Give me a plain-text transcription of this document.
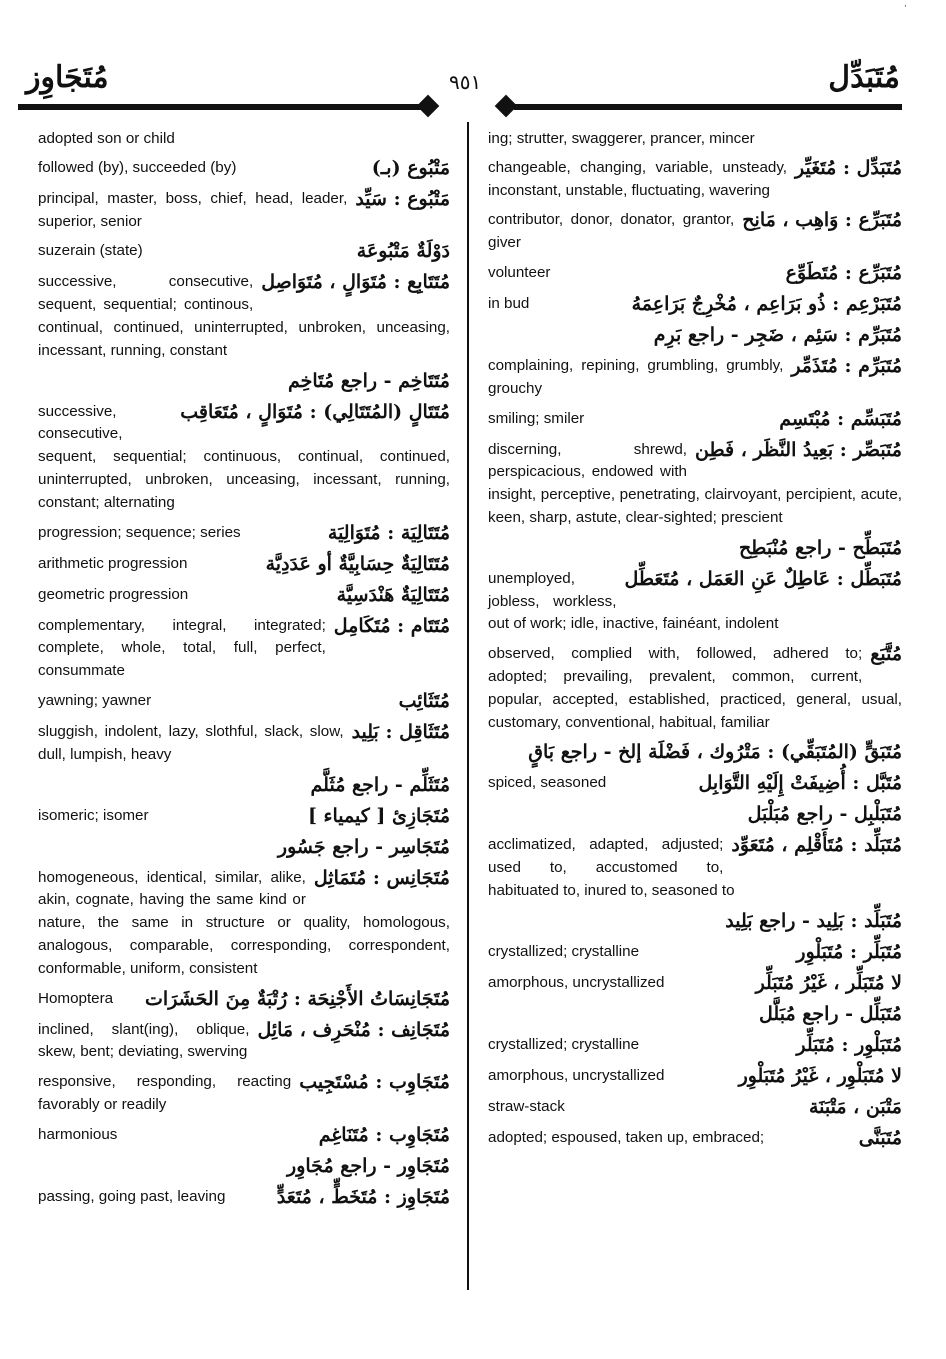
'
مُتَجَاوِز	٩٥١	مُتَبَدِّل
adopted son or child
مَتْبُوع (بـ)
followed (by), succeeded (by)
مَتْبُوع : سَيِّد
principal, master, boss, chief, head, leader, superior, senior
دَوْلَةٌ مَتْبُوعَة
suzerain (state)
مُتَتَابِع : مُتَوَالٍ ، مُتَوَاصِل
successive, consecutive, sequent, sequential; continous, continual, continued, uninterrupted, unbroken, unceasing, incessant, running, constant
مُتَتَاخِم - راجع مُتَاخِم
مُتَتَالٍ (المُتَتَالِي) : مُتَوَالٍ ، مُتَعَاقِب
successive, consecutive, sequent, sequential; continuous, continual, continued, uninterrupted, unbroken, unceasing, incessant, running, constant; alternating
مُتَتَالِيَة : مُتَوَالِيَة
progression; sequence; series
مُتَتَالِيَةٌ حِسَابِيَّةٌ أو عَدَدِيَّة
arithmetic progression
مُتَتَالِيَةٌ هَنْدَسِيَّة
geometric progression
مُتَتَام : مُتَكَامِل
complementary, integral, integrated; complete, whole, total, full, perfect, consummate
مُتَثَائِب
yawning; yawner
مُتَثَاقِل : بَلِيد
sluggish, indolent, lazy, slothful, slack, slow, dull, lumpish, heavy
مُتَثَلِّم - راجع مُثَلَّم
مُتَجَازِئ [ كيمياء ]
isomeric; isomer
مُتَجَاسِر - راجع جَسُور
مُتَجَانِس : مُتَمَاثِل
homogeneous, identical, similar, alike, akin, cognate, having the same kind or nature, the same in structure or quality, homologous, analogous, comparable, corresponding, correspondent, conformable, uniform, consistent
مُتَجَانِسَاتُ الأَجْنِحَة : رُتْبَةٌ مِنَ الحَشَرَات
Homoptera
مُتَجَانِف : مُنْحَرِف ، مَائِل
inclined, slant(ing), oblique, skew, bent; deviating, swerving
مُتَجَاوِب : مُسْتَجِيب
responsive, responding, reacting favorably or readily
مُتَجَاوِب : مُتَنَاغِم
harmonious
مُتَجَاوِر - راجع مُجَاوِر
مُتَجَاوِز : مُتَخَطٍّ ، مُتَعَدٍّ
passing, going past, leaving
ing; strutter, swaggerer, prancer, mincer
مُتَبَدِّل : مُتَغَيِّر
changeable, changing, variable, unsteady, inconstant, unstable, fluctuating, wavering
مُتَبَرِّع : وَاهِب ، مَانِح
contributor, donor, donator, grantor, giver
مُتَبَرِّع : مُتَطَوِّع
volunteer
مُتَبَرْعِم : ذُو بَرَاعِم ، مُخْرِجٌ بَرَاعِمَهُ
in bud
مُتَبَرِّم : سَئِم ، ضَجِر - راجع بَرِم
مُتَبَرِّم : مُتَذَمِّر
complaining, repining, grumbling, grumbly, grouchy
مُتَبَسِّم : مُبْتَسِم
smiling; smiler
مُتَبَصِّر : بَعِيدُ النَّظَر ، فَطِن
discerning, shrewd, perspicacious, endowed with insight, perceptive, penetrating, clairvoyant, percipient, acute, keen, sharp, astute, clear-sighted; prescient
مُتَبَطِّح - راجع مُنْبَطِح
مُتَبَطِّل : عَاطِلٌ عَنِ العَمَل ، مُتَعَطِّل
unemployed, jobless, workless, out of work; idle, inactive, fainéant, indolent
مُتَّبَع
observed, complied with, followed, adhered to; adopted; prevailing, prevalent, common, current, popular, accepted, established, practiced, general, usual, customary, conventional, habitual, familiar
مُتَبَقٍّ (المُتَبَقِّي) : مَتْرُوك ، فَضْلَة إلخ - راجع بَاقٍ
مُتَبَّل : أُضِيفَتْ إِلَيْهِ التَّوَابِل
spiced, seasoned
مُتَبَلْبِل - راجع مُبَلْبَل
مُتَبَلِّد : مُتَأَقْلِم ، مُتَعَوِّد
acclimatized, adapted, adjusted; used to, accustomed to, habituated to, inured to, seasoned to
مُتَبَلِّد : بَلِيد - راجع بَلِيد
مُتَبَلِّر : مُتَبَلْوِر
crystallized; crystalline
لا مُتَبَلِّر ، غَيْرُ مُتَبَلِّر
amorphous, uncrystallized
مُتَبَلِّل - راجع مُبَلَّل
مُتَبَلْوِر : مُتَبَلِّر
crystallized; crystalline
لا مُتَبَلْوِر ، غَيْرُ مُتَبَلْوِر
amorphous, uncrystallized
مَتْبَن ، مَتْبَنَة
straw-stack
مُتَبَنَّى
adopted; espoused, taken up, embraced;
